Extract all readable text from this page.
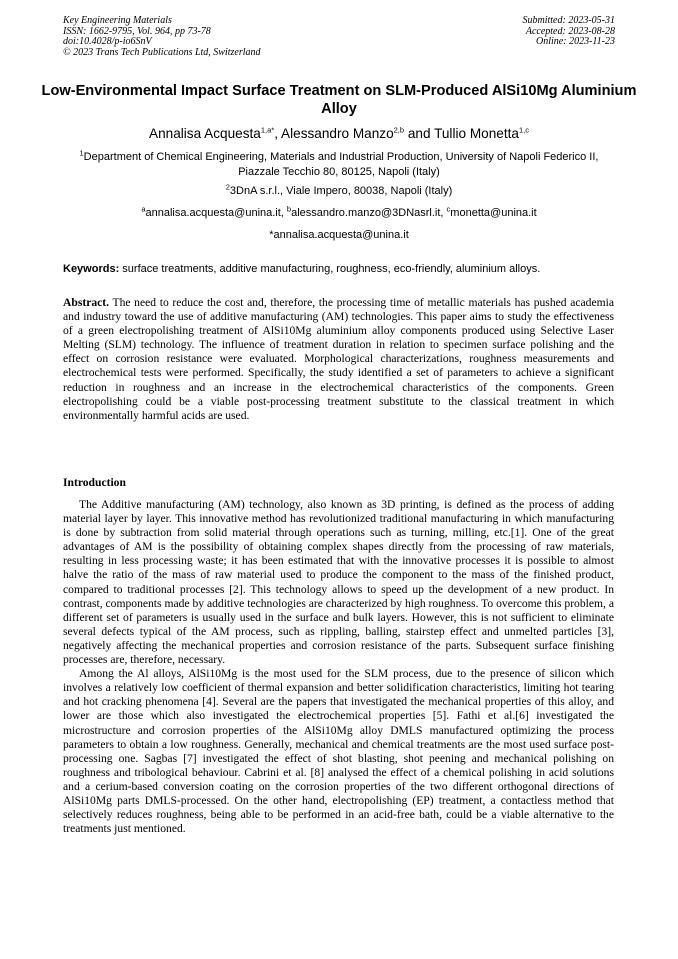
Key Engineering Materials
ISSN: 1662-9795, Vol. 964, pp 73-78
doi:10.4028/p-io6SnV
© 2023 Trans Tech Publications Ltd, Switzerland
Submitted: 2023-05-31
Accepted: 2023-08-28
Online: 2023-11-23
Low-Environmental Impact Surface Treatment on SLM-Produced AlSi10Mg Aluminium Alloy
Annalisa Acquesta$^{1,a*}$, Alessandro Manzo$^{2,b}$ and Tullio Monetta$^{1,c}$
$^1$Department of Chemical Engineering, Materials and Industrial Production, University of Napoli Federico II, Piazzale Tecchio 80, 80125, Napoli (Italy)
$^2$3DnA s.r.l., Viale Impero, 80038, Napoli (Italy)
$^a$annalisa.acquesta@unina.it, $^b$alessandro.manzo@3DNasrl.it, $^c$monetta@unina.it
*annalisa.acquesta@unina.it
Keywords: surface treatments, additive manufacturing, roughness, eco-friendly, aluminium alloys.
Abstract. The need to reduce the cost and, therefore, the processing time of metallic materials has pushed academia and industry toward the use of additive manufacturing (AM) technologies. This paper aims to study the effectiveness of a green electropolishing treatment of AlSi10Mg aluminium alloy components produced using Selective Laser Melting (SLM) technology. The influence of treatment duration in relation to specimen surface polishing and the effect on corrosion resistance were evaluated. Morphological characterizations, roughness measurements and electrochemical tests were performed. Specifically, the study identified a set of parameters to achieve a significant reduction in roughness and an increase in the electrochemical characteristics of the components. Green electropolishing could be a viable post-processing treatment substitute to the classical treatment in which environmentally harmful acids are used.
Introduction

The Additive manufacturing (AM) technology, also known as 3D printing, is defined as the process of adding material layer by layer. This innovative method has revolutionized traditional manufacturing in which manufacturing is done by subtraction from solid material through operations such as turning, milling, etc.[1]. One of the great advantages of AM is the possibility of obtaining complex shapes directly from the processing of raw materials, resulting in less processing waste; it has been estimated that with the innovative processes it is possible to almost halve the ratio of the mass of raw material used to produce the component to the mass of the finished product, compared to traditional processes [2]. This technology allows to speed up the development of a new product. In contrast, components made by additive technologies are characterized by high roughness. To overcome this problem, a different set of parameters is usually used in the surface and bulk layers. However, this is not sufficient to eliminate several defects typical of the AM process, such as rippling, balling, stairstep effect and unmelted particles [3], negatively affecting the mechanical properties and corrosion resistance of the parts. Subsequent surface finishing processes are, therefore, necessary.

Among the Al alloys, AlSi10Mg is the most used for the SLM process, due to the presence of silicon which involves a relatively low coefficient of thermal expansion and better solidification characteristics, limiting hot tearing and hot cracking phenomena [4]. Several are the papers that investigated the mechanical properties of this alloy, and lower are those which also investigated the electrochemical properties [5]. Fathi et al.[6] investigated the microstructure and corrosion properties of the AlSi10Mg alloy DMLS manufactured optimizing the process parameters to obtain a low roughness. Generally, mechanical and chemical treatments are the most used surface post-processing one. Sagbas [7] investigated the effect of shot blasting, shot peening and mechanical polishing on roughness and tribological behaviour. Cabrini et al. [8] analysed the effect of a chemical polishing in acid solutions and a cerium-based conversion coating on the corrosion properties of the two different orthogonal directions of AlSi10Mg parts DMLS-processed. On the other hand, electropolishing (EP) treatment, a contactless method that selectively reduces roughness, being able to be performed in an acid-free bath, could be a viable alternative to the treatments just mentioned.
